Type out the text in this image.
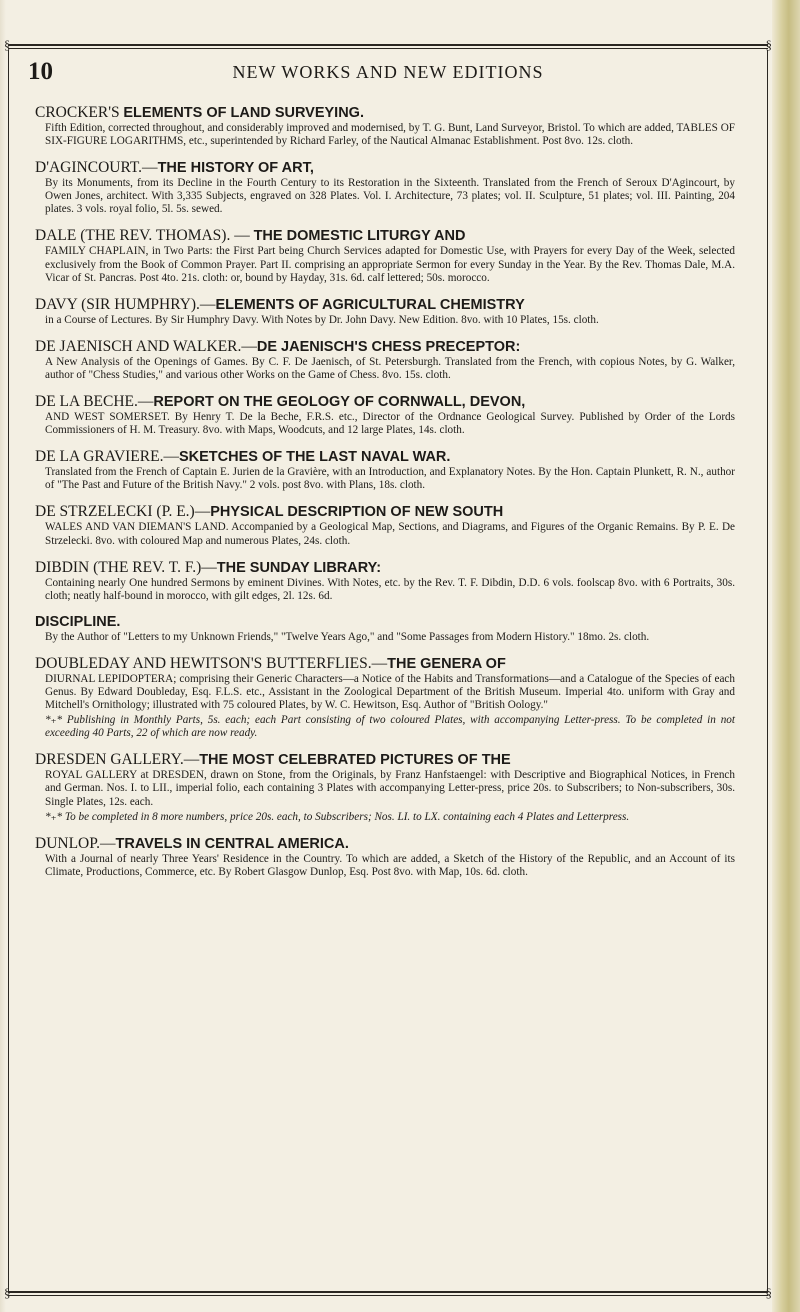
§	§
10	NEW WORKS AND NEW EDITIONS

CROCKER'S ELEMENTS OF LAND SURVEYING.

Fifth Edition, corrected throughout, and considerably improved and modernised, by T. G. Bunt, Land Surveyor, Bristol. To which are added, TABLES OF SIX-FIGURE LOGARITHMS, etc., superintended by Richard Farley, of the Nautical Almanac Establishment. Post 8vo. 12s. cloth.

D'AGINCOURT.—THE HISTORY OF ART,

By its Monuments, from its Decline in the Fourth Century to its Restoration in the Sixteenth. Translated from the French of Seroux D'Agincourt, by Owen Jones, architect. With 3,335 Subjects, engraved on 328 Plates. Vol. I. Architecture, 73 plates; vol. II. Sculpture, 51 plates; vol. III. Painting, 204 plates. 3 vols. royal folio, 5l. 5s. sewed.

DALE (THE REV. THOMAS). — THE DOMESTIC LITURGY AND

FAMILY CHAPLAIN, in Two Parts: the First Part being Church Services adapted for Domestic Use, with Prayers for every Day of the Week, selected exclusively from the Book of Common Prayer. Part II. comprising an appropriate Sermon for every Sunday in the Year. By the Rev. Thomas Dale, M.A. Vicar of St. Pancras. Post 4to. 21s. cloth: or, bound by Hayday, 31s. 6d. calf lettered; 50s. morocco.

DAVY (SIR HUMPHRY).—ELEMENTS OF AGRICULTURAL CHEMISTRY

in a Course of Lectures. By Sir Humphry Davy. With Notes by Dr. John Davy. New Edition. 8vo. with 10 Plates, 15s. cloth.

DE JAENISCH AND WALKER.—DE JAENISCH'S CHESS PRECEPTOR:

A New Analysis of the Openings of Games. By C. F. De Jaenisch, of St. Petersburgh. Translated from the French, with copious Notes, by G. Walker, author of "Chess Studies," and various other Works on the Game of Chess. 8vo. 15s. cloth.

DE LA BECHE.—REPORT ON THE GEOLOGY OF CORNWALL, DEVON,

AND WEST SOMERSET. By Henry T. De la Beche, F.R.S. etc., Director of the Ordnance Geological Survey. Published by Order of the Lords Commissioners of H. M. Treasury. 8vo. with Maps, Woodcuts, and 12 large Plates, 14s. cloth.

DE LA GRAVIERE.—SKETCHES OF THE LAST NAVAL WAR.

Translated from the French of Captain E. Jurien de la Gravière, with an Introduction, and Explanatory Notes. By the Hon. Captain Plunkett, R. N., author of "The Past and Future of the British Navy." 2 vols. post 8vo. with Plans, 18s. cloth.

DE STRZELECKI (P. E.)—PHYSICAL DESCRIPTION OF NEW SOUTH

WALES AND VAN DIEMAN'S LAND. Accompanied by a Geological Map, Sections, and Diagrams, and Figures of the Organic Remains. By P. E. De Strzelecki. 8vo. with coloured Map and numerous Plates, 24s. cloth.

DIBDIN (THE REV. T. F.)—THE SUNDAY LIBRARY:

Containing nearly One hundred Sermons by eminent Divines. With Notes, etc. by the Rev. T. F. Dibdin, D.D. 6 vols. foolscap 8vo. with 6 Portraits, 30s. cloth; neatly half-bound in morocco, with gilt edges, 2l. 12s. 6d.

DISCIPLINE.

By the Author of "Letters to my Unknown Friends," "Twelve Years Ago," and "Some Passages from Modern History." 18mo. 2s. cloth.

DOUBLEDAY AND HEWITSON'S BUTTERFLIES.—THE GENERA OF

DIURNAL LEPIDOPTERA; comprising their Generic Characters—a Notice of the Habits and Transformations—and a Catalogue of the Species of each Genus. By Edward Doubleday, Esq. F.L.S. etc., Assistant in the Zoological Department of the British Museum. Imperial 4to. uniform with Gray and Mitchell's Ornithology; illustrated with 75 coloured Plates, by W. C. Hewitson, Esq. Author of "British Oology."

*₊* Publishing in Monthly Parts, 5s. each; each Part consisting of two coloured Plates, with accompanying Letter-press. To be completed in not exceeding 40 Parts, 22 of which are now ready.

DRESDEN GALLERY.—THE MOST CELEBRATED PICTURES OF THE

ROYAL GALLERY at DRESDEN, drawn on Stone, from the Originals, by Franz Hanfstaengel: with Descriptive and Biographical Notices, in French and German. Nos. I. to LII., imperial folio, each containing 3 Plates with accompanying Letter-press, price 20s. to Subscribers; to Non-subscribers, 30s. Single Plates, 12s. each.

*₊* To be completed in 8 more numbers, price 20s. each, to Subscribers; Nos. LI. to LX. containing each 4 Plates and Letterpress.

DUNLOP.—TRAVELS IN CENTRAL AMERICA.

With a Journal of nearly Three Years' Residence in the Country. To which are added, a Sketch of the History of the Republic, and an Account of its Climate, Productions, Commerce, etc. By Robert Glasgow Dunlop, Esq. Post 8vo. with Map, 10s. 6d. cloth.

§	§
